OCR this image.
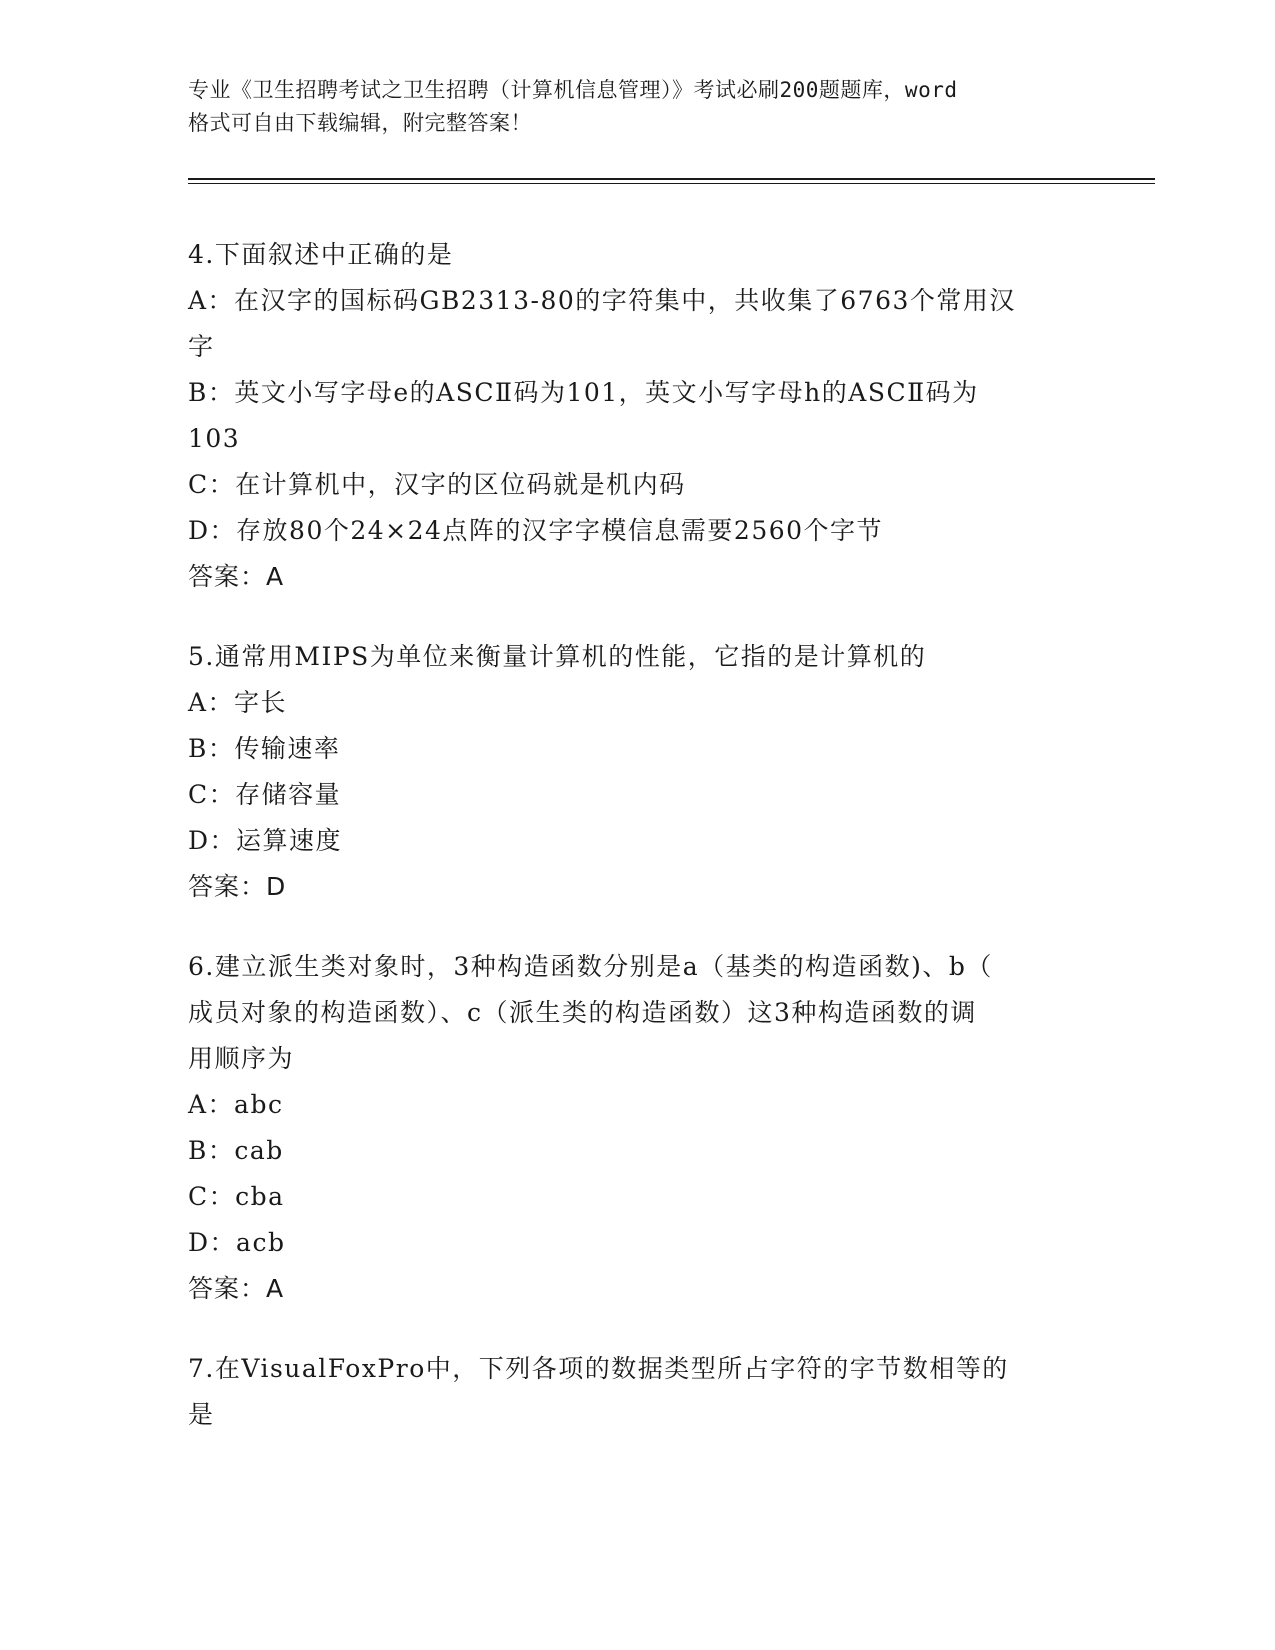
专业《卫生招聘考试之卫生招聘（计算机信息管理）》考试必刷200题题库，word
格式可自由下载编辑，附完整答案！
4.下面叙述中正确的是
A：在汉字的国标码GB2313-80的字符集中，共收集了6763个常用汉
字
B：英文小写字母e的ASCⅡ码为101，英文小写字母h的ASCⅡ码为
103
C：在计算机中，汉字的区位码就是机内码
D：存放80个24×24点阵的汉字字模信息需要2560个字节
答案：A
5.通常用MIPS为单位来衡量计算机的性能，它指的是计算机的
A：字长
B：传输速率
C：存储容量
D：运算速度
答案：D
6.建立派生类对象时，3种构造函数分别是a（基类的构造函数)、b（
成员对象的构造函数）、c（派生类的构造函数）这3种构造函数的调
用顺序为
A：abc
B：cab
C：cba
D：acb
答案：A
7.在VisualFoxPro中，下列各项的数据类型所占字符的字节数相等的
是
